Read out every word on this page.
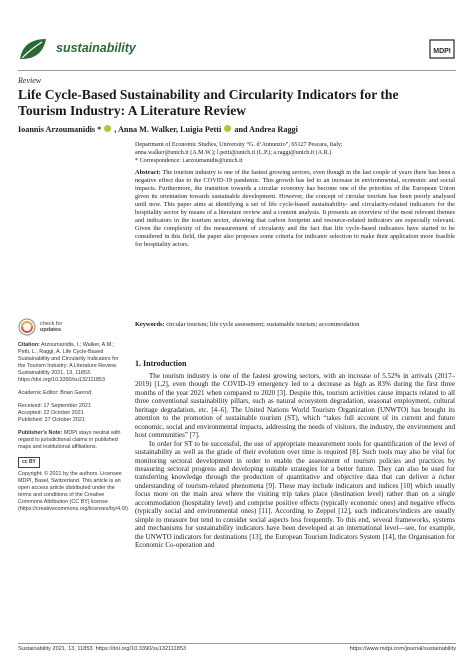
sustainability	MDPI
Review
Life Cycle-Based Sustainability and Circularity Indicators for the Tourism Industry: A Literature Review
Ioannis Arzoumanidis * , Anna M. Walker, Luigia Petti  and Andrea Raggi
Department of Economic Studies, University “G. d’Annunzio”, 65127 Pescara, Italy;
anna.walker@unich.it (A.M.W.); l.petti@unich.it (L.P.); a.raggi@unich.it (A.R.)
* Correspondence: i.arzoumanidis@unich.it
Abstract: The tourism industry is one of the fastest growing sectors, even though in the last couple of years there has been a negative effect due to the COVID-19 pandemic. This growth has led to an increase in environmental, economic and social impacts. Furthermore, the transition towards a circular economy has become one of the priorities of the European Union given its orientation towards sustainable development. However, the concept of circular tourism has been poorly analysed until now. This paper aims at identifying a set of life cycle-based sustainability- and circularity-related indicators for the hospitality sector by means of a literature review and a content analysis. It presents an overview of the most relevant themes and indicators in the tourism sector, showing that carbon footprint and resource-related indicators are especially relevant. Given the complexity of the measurement of circularity and the fact that life cycle-based indicators have started to be considered in this field, the paper also proposes some criteria for indicator selection to make their application more feasible for hospitality actors.
Keywords: circular tourism; life cycle assessment; sustainable tourism; accommodation
check for
updates
Citation: Arzoumanidis, I.; Walker, A.M.; Petti, L.; Raggi, A. Life Cycle-Based Sustainability and Circularity Indicators for the Tourism Industry: A Literature Review. Sustainability 2021, 13, 11853. https://doi.org/10.3390/su132111853
Academic Editor: Brian Garrod
Received: 17 September 2021
Accepted: 22 October 2021
Published: 27 October 2021
Publisher’s Note: MDPI stays neutral with regard to jurisdictional claims in published maps and institutional affiliations.
cc BY
Copyright: © 2021 by the authors. Licensee MDPI, Basel, Switzerland. This article is an open access article distributed under the terms and conditions of the Creative Commons Attribution (CC BY) license (https://creativecommons.org/licenses/by/4.0/).
1. Introduction

The tourism industry is one of the fastest growing sectors, with an increase of 5.52% in arrivals (2017–2019) [1,2], even though the COVID-19 emergency led to a decrease as high as 83% during the first three months of the year 2021 when compared to 2020 [3]. Despite this, tourism activities cause impacts related to all three conventional sustainability pillars, such as natural ecosystem degradation, seasonal employment, cultural heritage degradation, etc. [4–6]. The United Nations World Tourism Organization (UNWTO) has brought its attention to the promotion of sustainable tourism (ST), which “takes full account of its current and future economic, social and environmental impacts, addressing the needs of visitors, the industry, the environment and host communities” [7].

In order for ST to be successful, the use of appropriate measurement tools for quantification of the level of sustainability as well as the grade of their evolution over time is required [8]. Such tools may also be vital for monitoring sectoral development in order to enable the assessment of tourism policies and practices by measuring sectoral progress and developing suitable strategies for a better future. They can also be used for transferring knowledge through the production of quantitative and objective data that can deliver a richer understanding of tourism-related phenomena [9]. These may include indicators and indices [10] which usually focus more on the main area where the visiting trip takes place (destination level) rather than on a single accommodation (hospitality level) and comprise positive effects (typically economic ones) and negative effects (typically social and environmental ones) [11]. According to Zeppel [12], such indicators/indices are usually simple to measure but tend to consider social aspects less frequently. To this end, several frameworks, systems and mechanisms for sustainability indicators have been developed at an international level—see, for example, the UNWTO indicators for destinations [13], the European Tourism Indicators System [14], the Organisation for Economic Co-operation and

Sustainability 2021, 13, 11853. https://doi.org/10.3390/su132111853	https://www.mdpi.com/journal/sustainability
